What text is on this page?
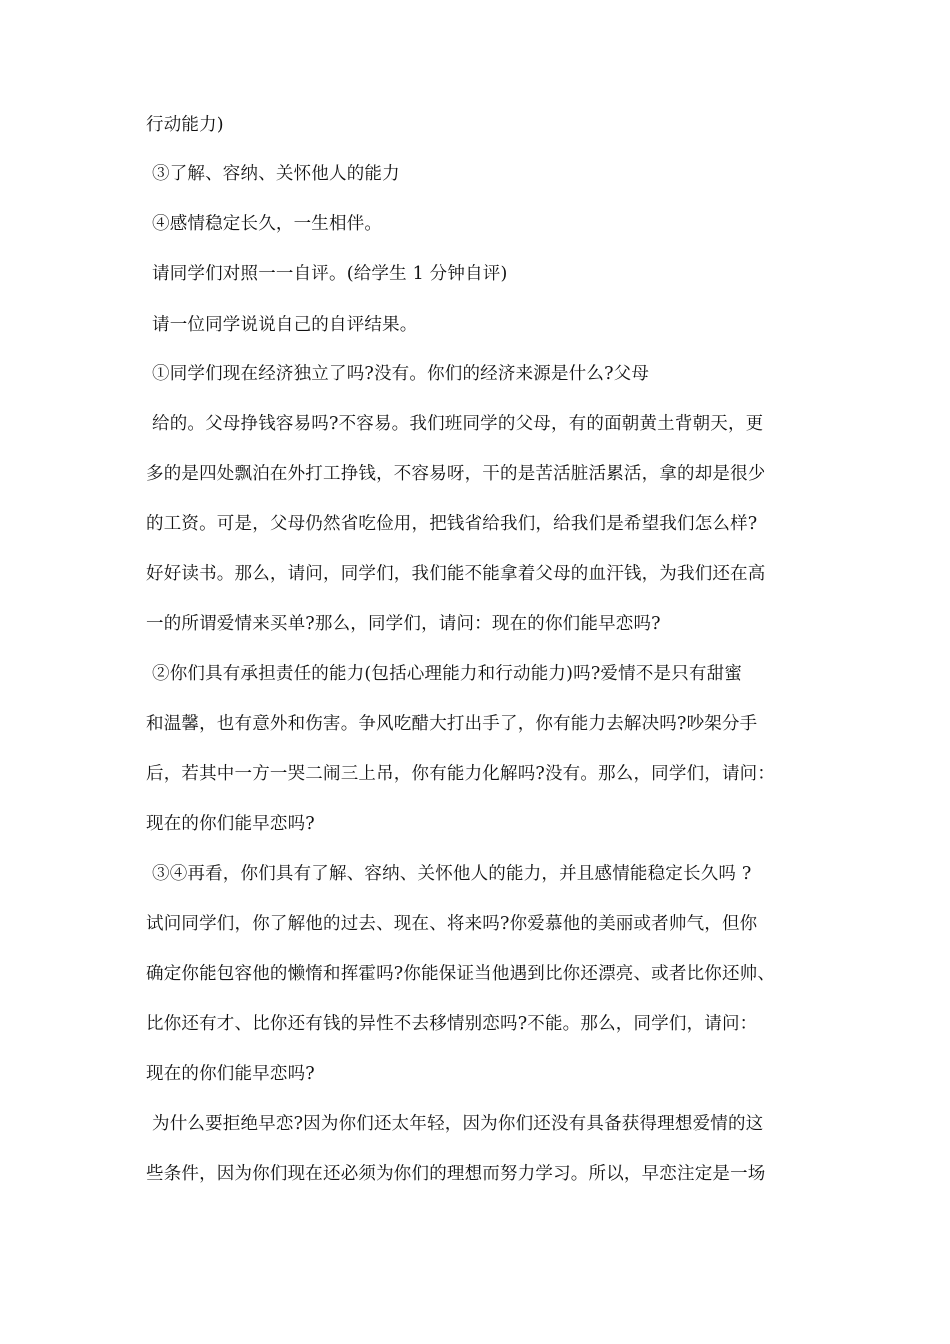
行动能力)
③了解、容纳、关怀他人的能力
④感情稳定长久，一生相伴。
请同学们对照一一自评。(给学生 1 分钟自评)
请一位同学说说自己的自评结果。
①同学们现在经济独立了吗?没有。你们的经济来源是什么?父母
给的。父母挣钱容易吗?不容易。我们班同学的父母，有的面朝黄土背朝天，更
多的是四处飘泊在外打工挣钱，不容易呀，干的是苦活脏活累活，拿的却是很少
的工资。可是，父母仍然省吃俭用，把钱省给我们，给我们是希望我们怎么样?
好好读书。那么，请问，同学们，我们能不能拿着父母的血汗钱，为我们还在高
一的所谓爱情来买单?那么，同学们，请问：现在的你们能早恋吗?
②你们具有承担责任的能力(包括心理能力和行动能力)吗?爱情不是只有甜蜜
和温馨，也有意外和伤害。争风吃醋大打出手了，你有能力去解决吗?吵架分手
后，若其中一方一哭二闹三上吊，你有能力化解吗?没有。那么，同学们，请问：
现在的你们能早恋吗?
③④再看，你们具有了解、容纳、关怀他人的能力，并且感情能稳定长久吗 ?
试问同学们，你了解他的过去、现在、将来吗?你爱慕他的美丽或者帅气，但你
确定你能包容他的懒惰和挥霍吗?你能保证当他遇到比你还漂亮、或者比你还帅、
比你还有才、比你还有钱的异性不去移情别恋吗?不能。那么，同学们，请问：
现在的你们能早恋吗?
为什么要拒绝早恋?因为你们还太年轻，因为你们还没有具备获得理想爱情的这
些条件，因为你们现在还必须为你们的理想而努力学习。所以，早恋注定是一场
